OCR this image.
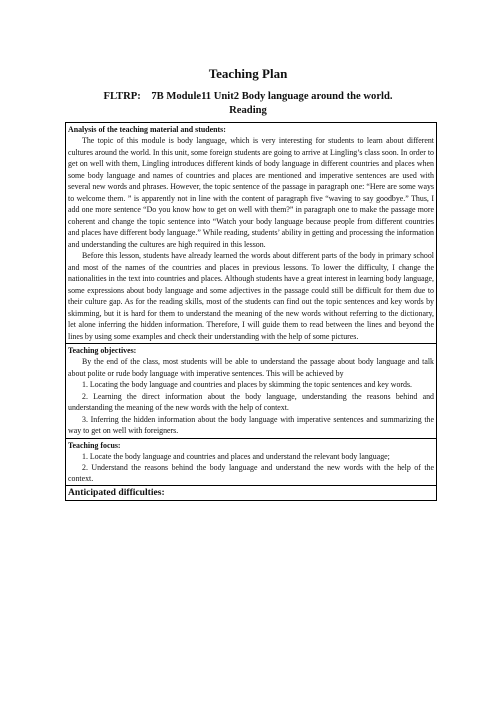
Teaching Plan
FLTRP:    7B Module11 Unit2 Body language around the world.
Reading
Analysis of the teaching material and students:

The topic of this module is body language, which is very interesting for students to learn about different cultures around the world. In this unit, some foreign students are going to arrive at Lingling’s class soon. In order to get on well with them, Lingling introduces different kinds of body language in different countries and places when some body language and names of countries and places are mentioned and imperative sentences are used with several new words and phrases. However, the topic sentence of the passage in paragraph one: “Here are some ways to welcome them. ” is apparently not in line with the content of paragraph five “waving to say goodbye.” Thus, I add one more sentence “Do you know how to get on well with them?” in paragraph one to make the passage more coherent and change the topic sentence into “Watch your body language because people from different countries and places have different body language.” While reading, students’ ability in getting and processing the information and understanding the cultures are high required in this lesson.

Before this lesson, students have already learned the words about different parts of the body in primary school and most of the names of the countries and places in previous lessons. To lower the difficulty, I change the nationalities in the text into countries and places. Although students have a great interest in learning body language, some expressions about body language and some adjectives in the passage could still be difficult for them due to their culture gap. As for the reading skills, most of the students can find out the topic sentences and key words by skimming, but it is hard for them to understand the meaning of the new words without referring to the dictionary, let alone inferring the hidden information. Therefore, I will guide them to read between the lines and beyond the lines by using some examples and check their understanding with the help of some pictures.

Teaching objectives:

By the end of the class, most students will be able to understand the passage about body language and talk about polite or rude body language with imperative sentences. This will be achieved by

1. Locating the body language and countries and places by skimming the topic sentences and key words.

2. Learning the direct information about the body language, understanding the reasons behind and understanding the meaning of the new words with the help of context.

3. Inferring the hidden information about the body language with imperative sentences and summarizing the way to get on well with foreigners.

Teaching focus:

1. Locate the body language and countries and places and understand the relevant body language;

2. Understand the reasons behind the body language and understand the new words with the help of the context.

Anticipated difficulties:
